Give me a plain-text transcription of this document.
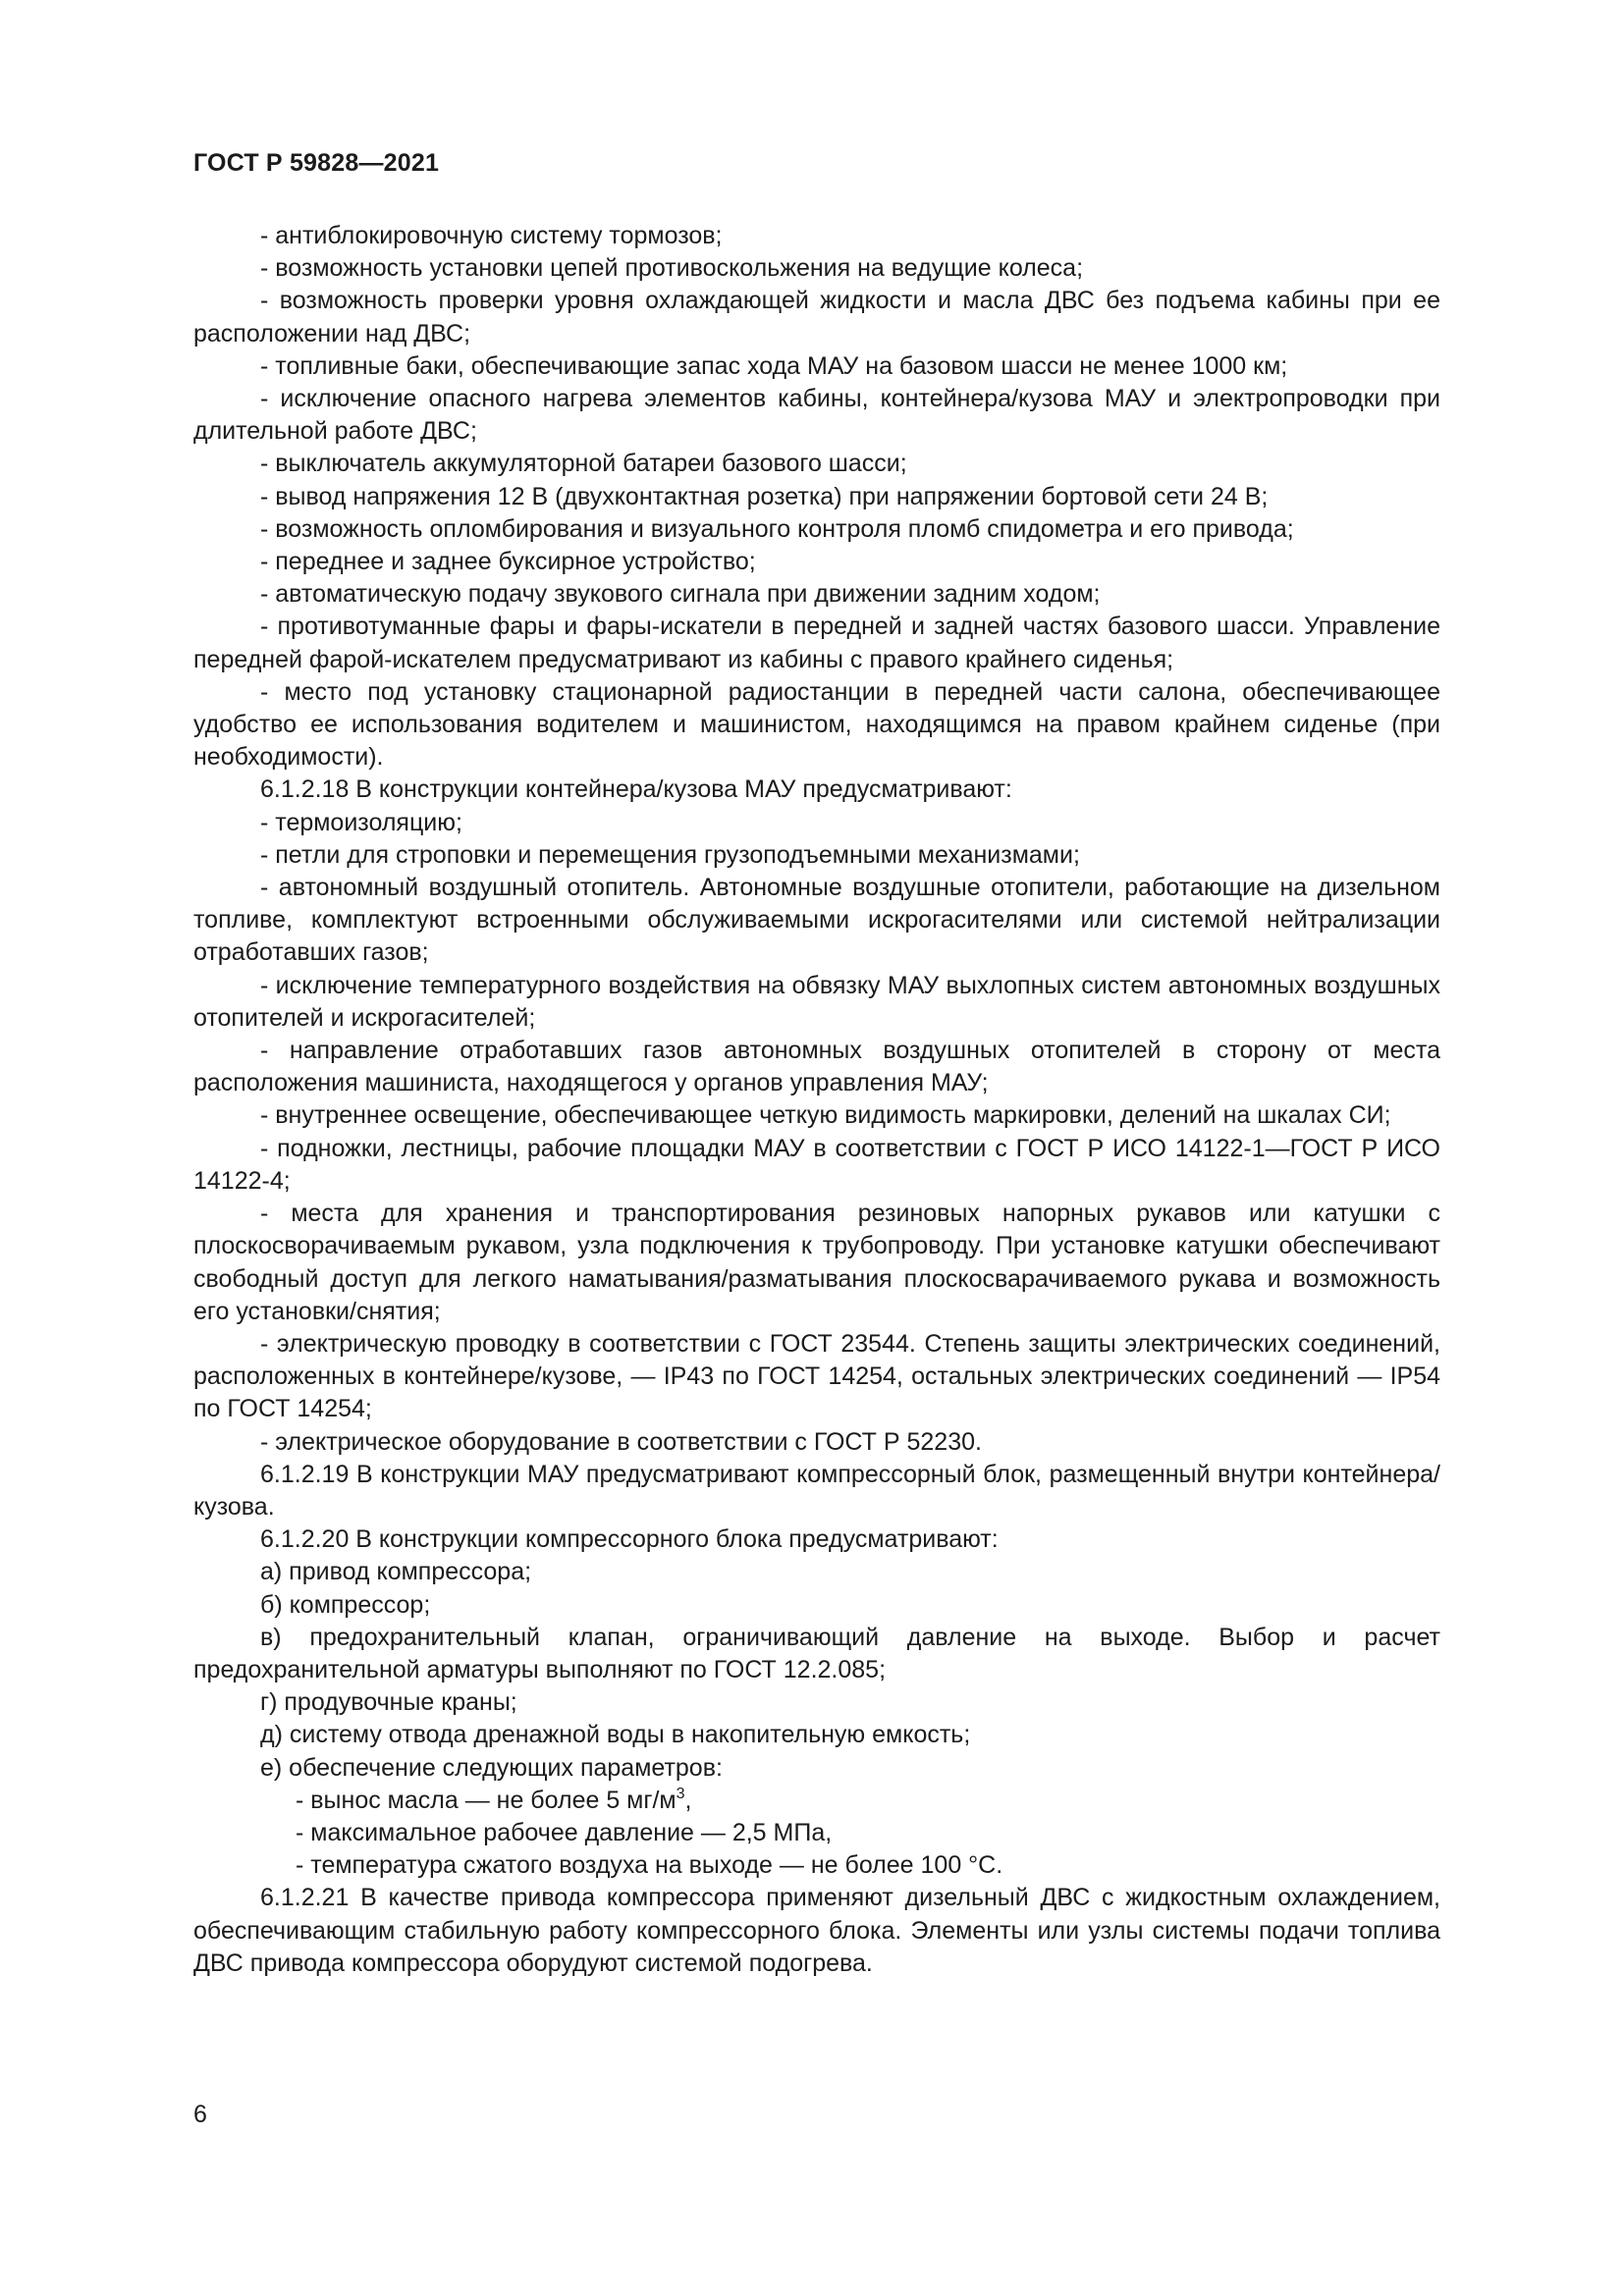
ГОСТ Р 59828—2021

- антиблокировочную систему тормозов;

- возможность установки цепей противоскольжения на ведущие колеса;

- возможность проверки уровня охлаждающей жидкости и масла ДВС без подъема кабины при ее расположении над ДВС;

- топливные баки, обеспечивающие запас хода МАУ на базовом шасси не менее 1000 км;

- исключение опасного нагрева элементов кабины, контейнера/кузова МАУ и электропроводки при длительной работе ДВС;

- выключатель аккумуляторной батареи базового шасси;

- вывод напряжения 12 В (двухконтактная розетка) при напряжении бортовой сети 24 В;

- возможность опломбирования и визуального контроля пломб спидометра и его привода;

- переднее и заднее буксирное устройство;

- автоматическую подачу звукового сигнала при движении задним ходом;

- противотуманные фары и фары-искатели в передней и задней частях базового шасси. Управление передней фарой-искателем предусматривают из кабины с правого крайнего сиденья;

- место под установку стационарной радиостанции в передней части салона, обеспечивающее удобство ее использования водителем и машинистом, находящимся на правом крайнем сиденье (при необходимости).

6.1.2.18 В конструкции контейнера/кузова МАУ предусматривают:

- термоизоляцию;

- петли для строповки и перемещения грузоподъемными механизмами;

- автономный воздушный отопитель. Автономные воздушные отопители, работающие на дизельном топливе, комплектуют встроенными обслуживаемыми искрогасителями или системой нейтрализации отработавших газов;

- исключение температурного воздействия на обвязку МАУ выхлопных систем автономных воздушных отопителей и искрогасителей;

- направление отработавших газов автономных воздушных отопителей в сторону от места расположения машиниста, находящегося у органов управления МАУ;

- внутреннее освещение, обеспечивающее четкую видимость маркировки, делений на шкалах СИ;

- подножки, лестницы, рабочие площадки МАУ в соответствии с ГОСТ Р ИСО 14122-1—ГОСТ Р ИСО 14122-4;

- места для хранения и транспортирования резиновых напорных рукавов или катушки с плоскосворачиваемым рукавом, узла подключения к трубопроводу. При установке катушки обеспечивают свободный доступ для легкого наматывания/разматывания плоскосварачиваемого рукава и возможность его установки/снятия;

- электрическую проводку в соответствии с ГОСТ 23544. Степень защиты электрических соединений, расположенных в контейнере/кузове, — IP43 по ГОСТ 14254, остальных электрических соединений — IP54 по ГОСТ 14254;

- электрическое оборудование в соответствии с ГОСТ Р 52230.

6.1.2.19 В конструкции МАУ предусматривают компрессорный блок, размещенный внутри контейнера/кузова.

6.1.2.20 В конструкции компрессорного блока предусматривают:

а) привод компрессора;

б) компрессор;

в) предохранительный клапан, ограничивающий давление на выходе. Выбор и расчет предохранительной арматуры выполняют по ГОСТ 12.2.085;

г) продувочные краны;

д) систему отвода дренажной воды в накопительную емкость;

е) обеспечение следующих параметров:

- вынос масла — не более 5 $мг/м^3$,

- максимальное рабочее давление — 2,5 МПа,

- температура сжатого воздуха на выходе — не более 100 °С.

6.1.2.21 В качестве привода компрессора применяют дизельный ДВС с жидкостным охлаждением, обеспечивающим стабильную работу компрессорного блока. Элементы или узлы системы подачи топлива ДВС привода компрессора оборудуют системой подогрева.

6
